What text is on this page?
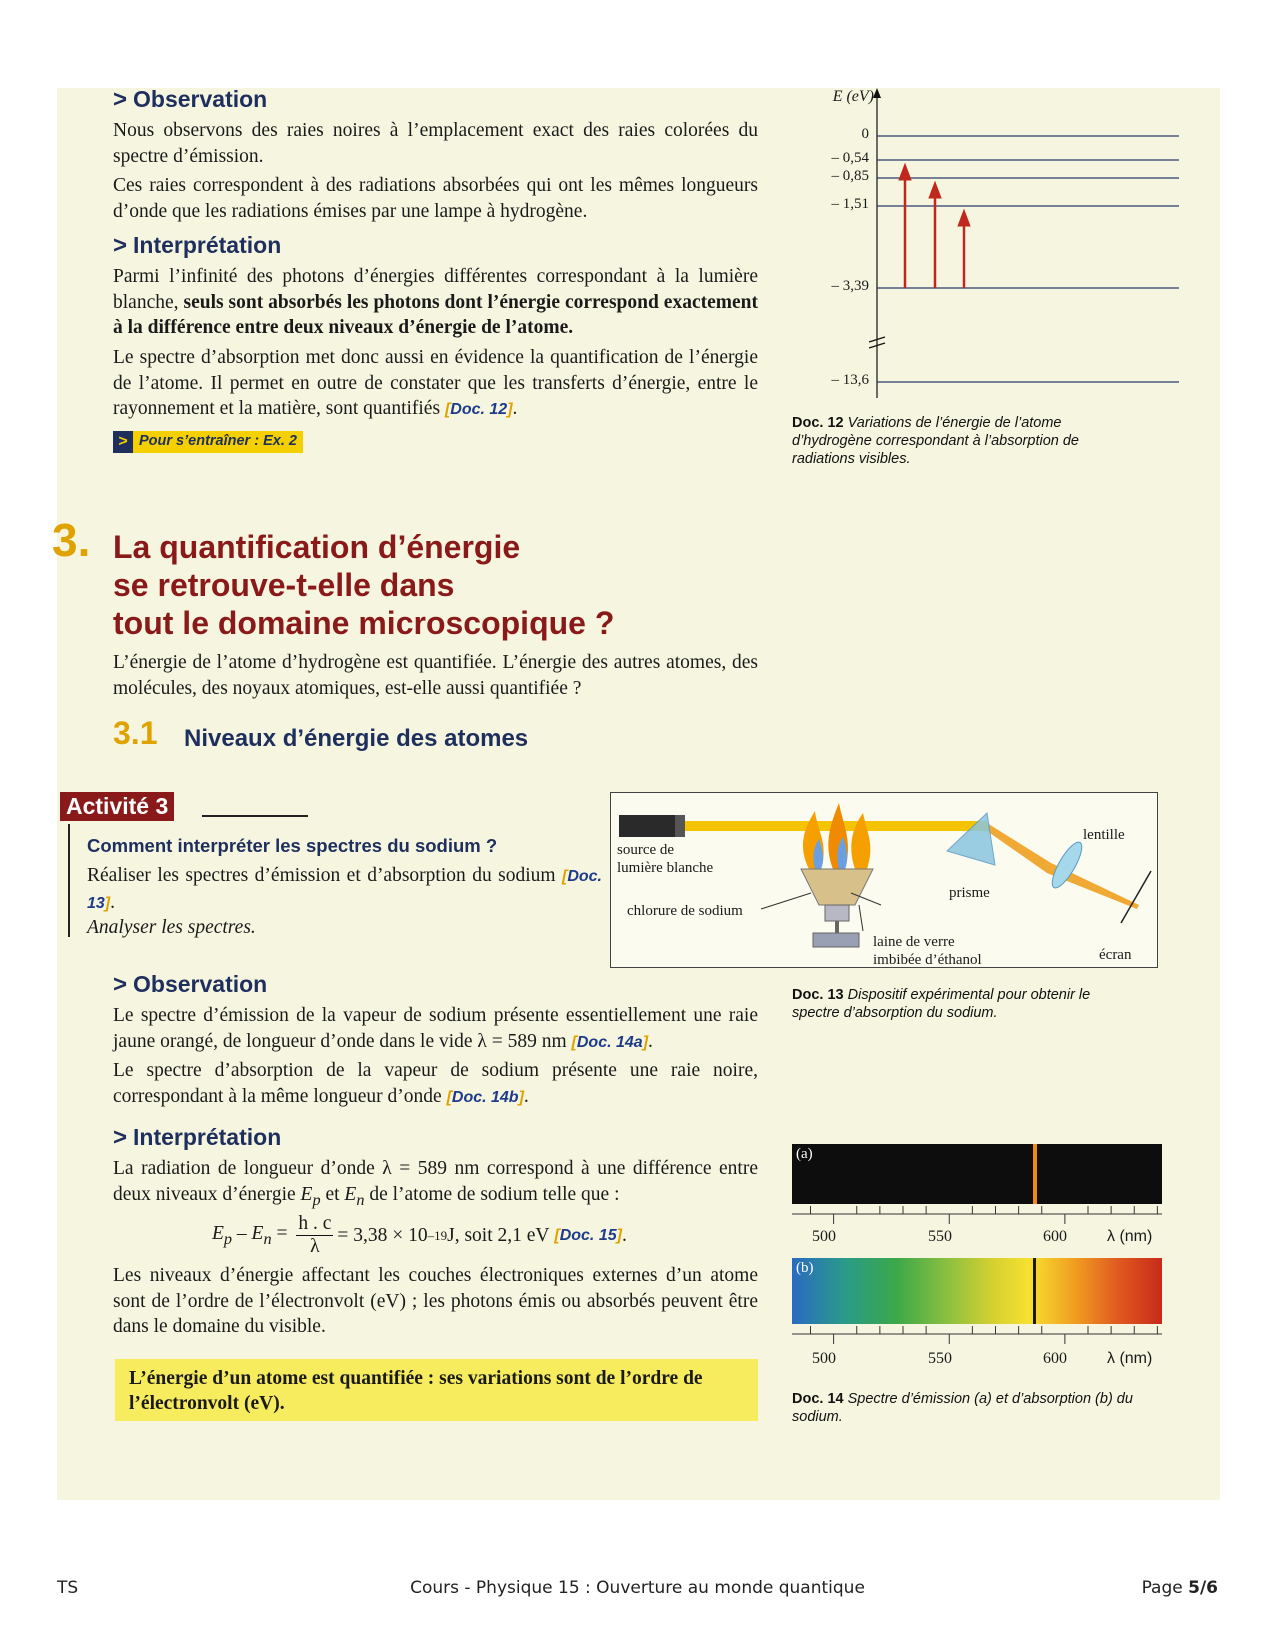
> Observation
Nous observons des raies noires à l’emplacement exact des raies colorées du spectre d’émission.
Ces raies correspondent à des radiations absorbées qui ont les mêmes longueurs d’onde que les radiations émises par une lampe à hydrogène.
> Interprétation
Parmi l’infinité des photons d’énergies différentes correspondant à la lumière blanche, seuls sont absorbés les photons dont l’énergie correspond exactement à la différence entre deux niveaux d’énergie de l’atome.
Le spectre d’absorption met donc aussi en évidence la quantification de l’énergie de l’atome. Il permet en outre de constater que les transferts d’énergie, entre le rayonnement et la matière, sont quantifiés [Doc. 12].
> Pour s’entraîner : Ex. 2
E (eV)
0
– 0,54
– 0,85
– 1,51
– 3,39
– 13,6
Doc. 12 Variations de l’énergie de l’atome d’hydrogène correspondant à l’absorption de radiations visibles.
3. La quantification d’énergie
se retrouve-t-elle dans
tout le domaine microscopique ?
L’énergie de l’atome d’hydrogène est quantifiée. L’énergie des autres atomes, des molécules, des noyaux atomiques, est-elle aussi quantifiée ?
3.1 Niveaux d’énergie des atomes
Activité 3
Comment interpréter les spectres du sodium ?
Réaliser les spectres d’émission et d’absorption du sodium [Doc. 13].
Analyser les spectres.
source de
lumière blanche
chlorure de sodium
laine de verre
imbibée d’éthanol
prisme
lentille
écran
Doc. 13 Dispositif expérimental pour obtenir le spectre d’absorption du sodium.
> Observation
Le spectre d’émission de la vapeur de sodium présente essentiellement une raie jaune orangé, de longueur d’onde dans le vide λ = 589 nm [Doc. 14a].
Le spectre d’absorption de la vapeur de sodium présente une raie noire, correspondant à la même longueur d’onde [Doc. 14b].
> Interprétation
La radiation de longueur d’onde λ = 589 nm correspond à une différence entre deux niveaux d’énergie $E_p$ et $E_n$ de l’atome de sodium telle que :
$E_p - E_n = \frac{h . c}{\lambda} = 3,38 \times 10$ –19 J, soit 2,1 eV
[Doc. 15] .
Les niveaux d’énergie affectant les couches électroniques externes d’un atome sont de l’ordre de l’électronvolt (eV) ; les photons émis ou absorbés peuvent être dans le domaine du visible.
L’énergie d’un atome est quantifiée : ses variations sont de l’ordre de l’électronvolt (eV).
(a)
500	550	600	λ (nm)
(b)
500	550	600	λ (nm)
Doc. 14 Spectre d’émission (a) et d’absorption (b) du sodium.
TS	Cours - Physique 15 : Ouverture au monde quantique	Page 5/6
